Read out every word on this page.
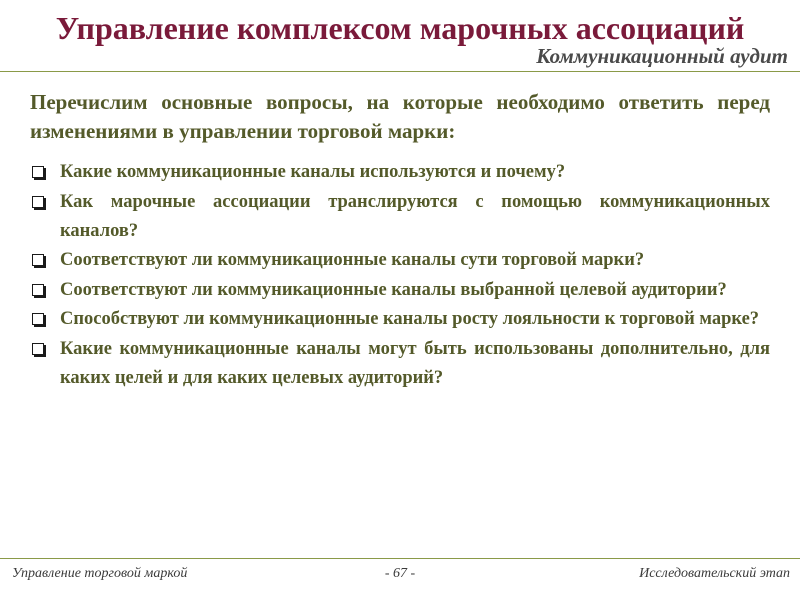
Управление комплексом марочных ассоциаций
Коммуникационный аудит

Перечислим основные вопросы, на которые необходимо ответить перед изменениями в управлении торговой марки:

Какие коммуникационные каналы используются и почему?
Как марочные ассоциации транслируются с помощью коммуникационных каналов?
Соответствуют ли коммуникационные каналы сути торговой марки?
Соответствуют ли коммуникационные каналы выбранной целевой аудитории?
Способствуют ли коммуникационные каналы росту лояльности к торговой марке?
Какие коммуникационные каналы могут быть использованы дополнительно, для каких целей и для каких целевых аудиторий?
Управление торговой маркой	- 67 -	Исследовательский этап
